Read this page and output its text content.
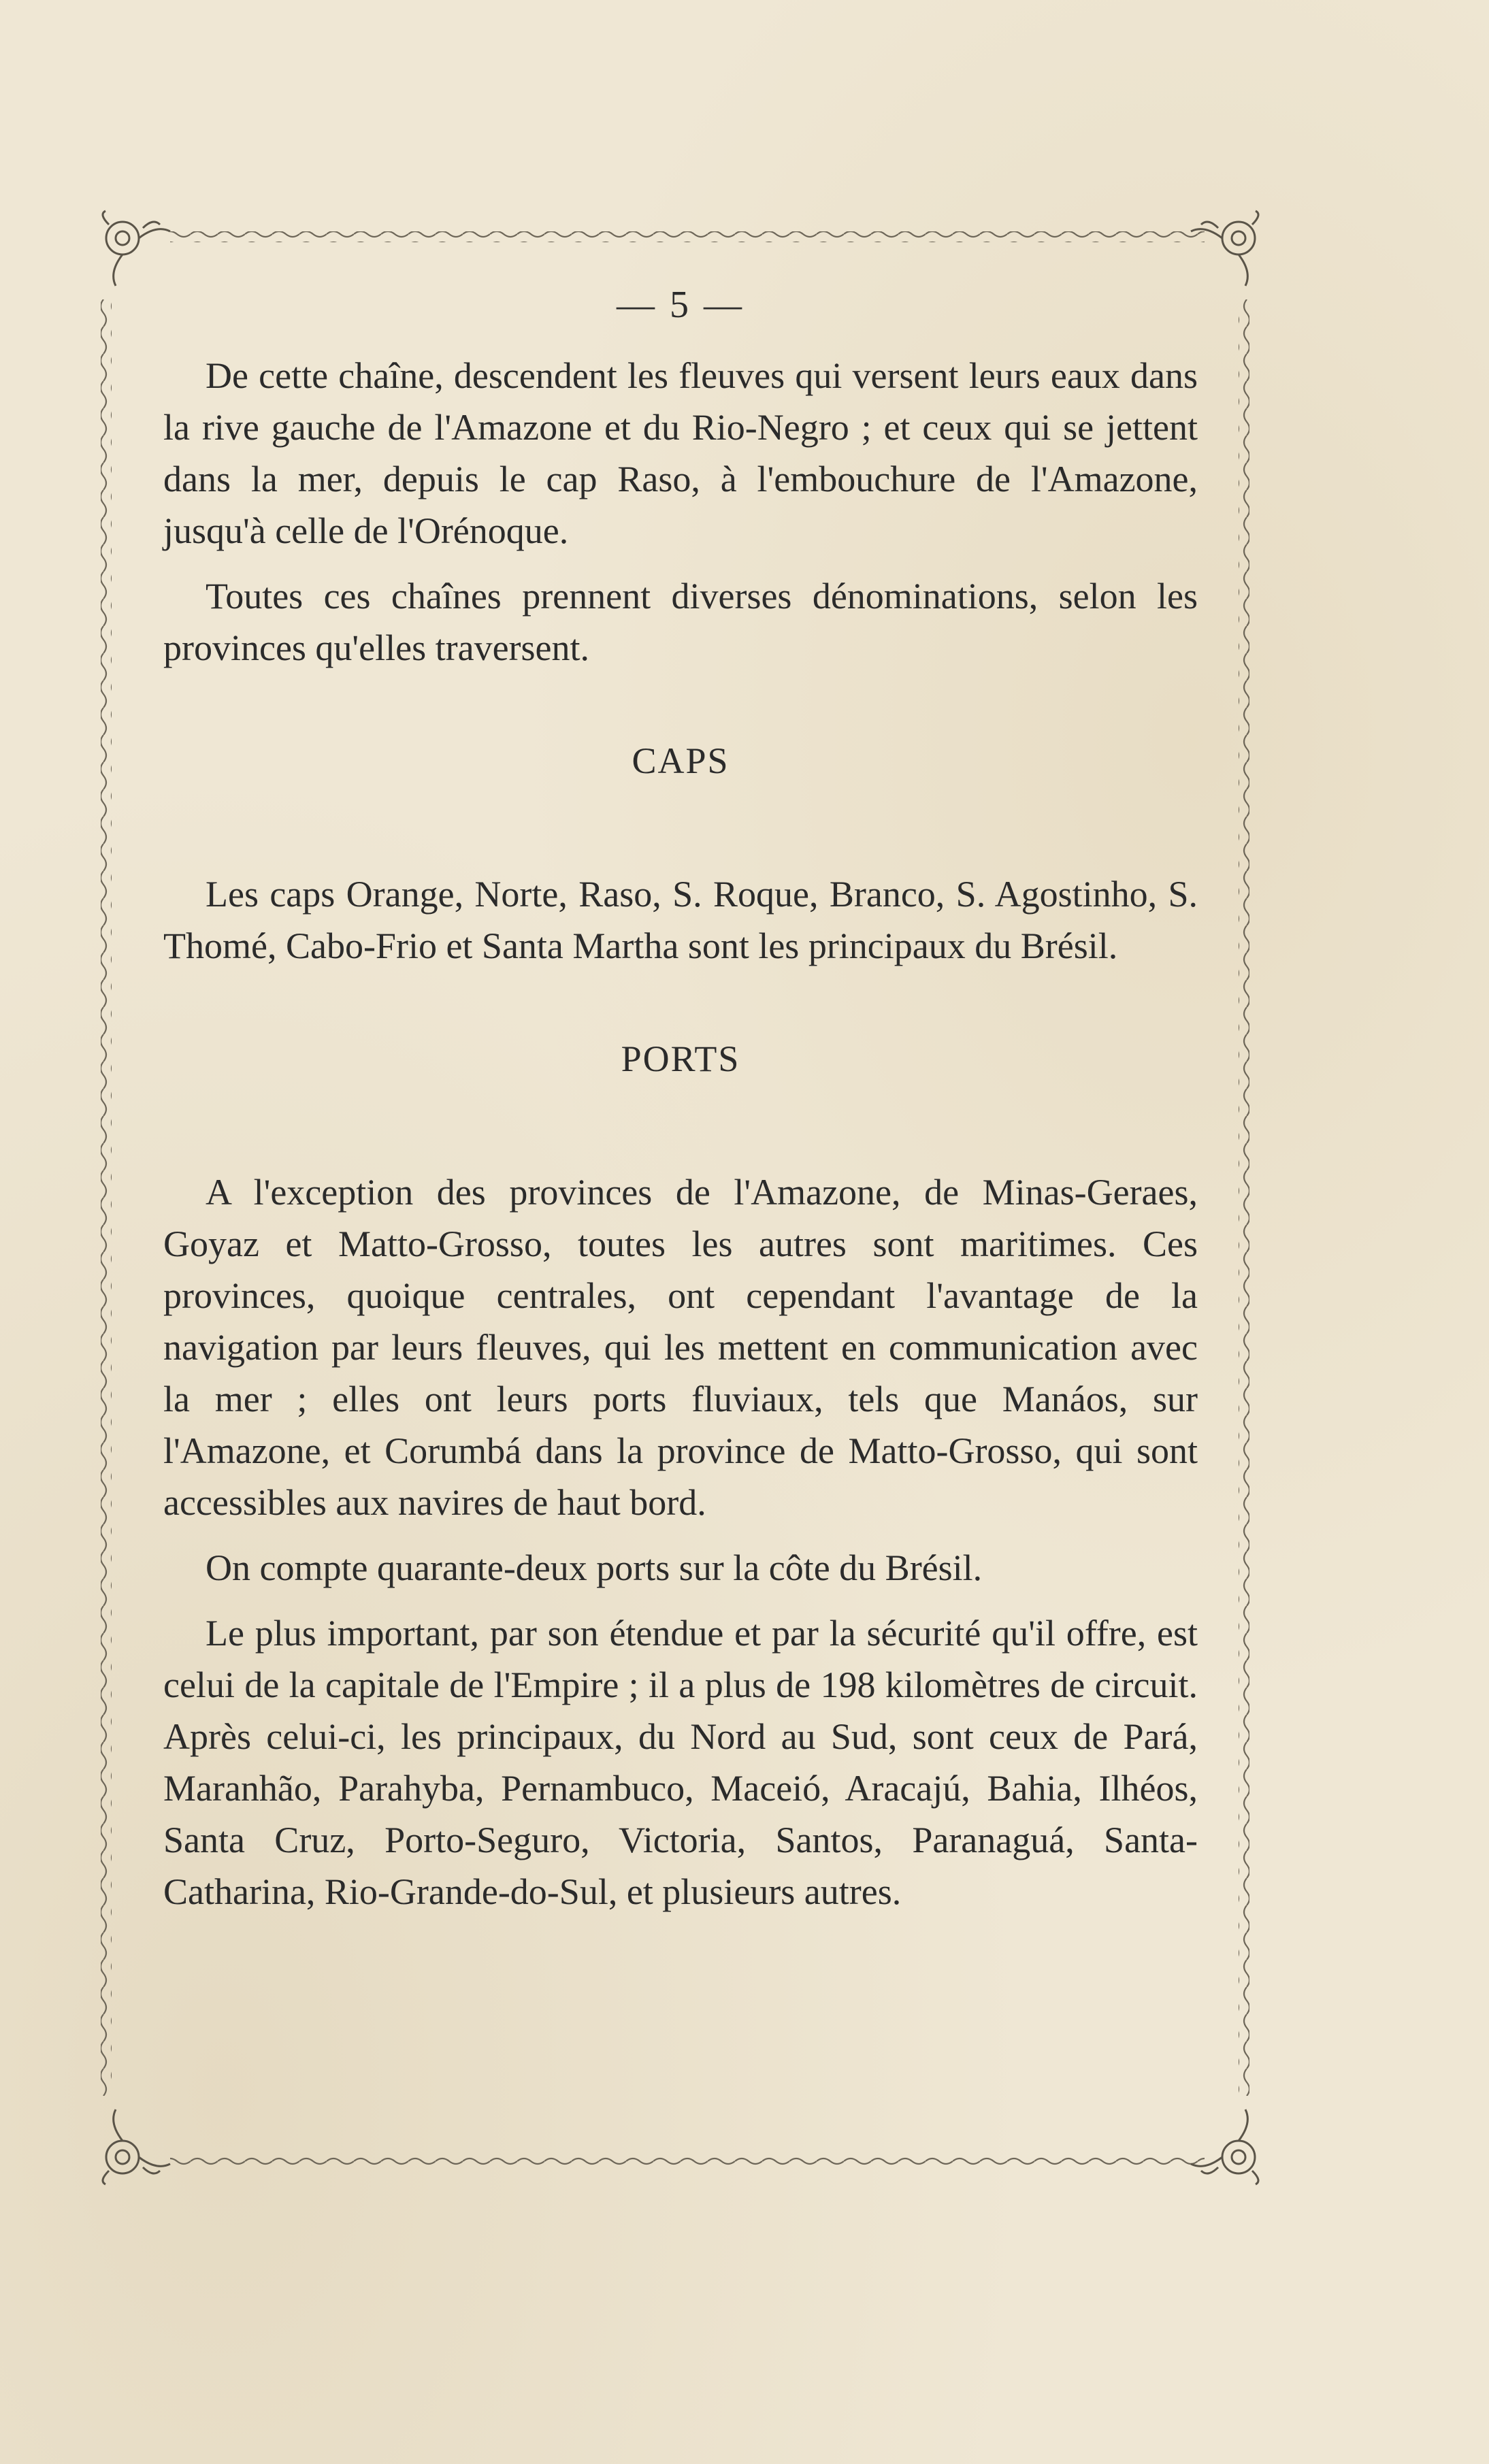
— 5 —

De cette chaîne, descendent les fleuves qui versent leurs eaux dans la rive gauche de l'Amazone et du Rio-Negro ; et ceux qui se jettent dans la mer, depuis le cap Raso, à l'embouchure de l'Amazone, jusqu'à celle de l'Orénoque.

Toutes ces chaînes prennent diverses dénominations, selon les provinces qu'elles traversent.

CAPS

Les caps Orange, Norte, Raso, S. Roque, Branco, S. Agostinho, S. Thomé, Cabo-Frio et Santa Martha sont les principaux du Brésil.

PORTS

A l'exception des provinces de l'Amazone, de Minas-Geraes, Goyaz et Matto-Grosso, toutes les autres sont maritimes. Ces provinces, quoique centrales, ont cependant l'avantage de la navigation par leurs fleuves, qui les mettent en communication avec la mer ; elles ont leurs ports fluviaux, tels que Manáos, sur l'Amazone, et Corumbá dans la province de Matto-Grosso, qui sont accessibles aux navires de haut bord.

On compte quarante-deux ports sur la côte du Brésil.

Le plus important, par son étendue et par la sécurité qu'il offre, est celui de la capitale de l'Empire ; il a plus de 198 kilomètres de circuit. Après celui-ci, les principaux, du Nord au Sud, sont ceux de Pará, Maranhão, Parahyba, Pernambuco, Maceió, Aracajú, Bahia, Ilhéos, Santa Cruz, Porto-Seguro, Victoria, Santos, Paranaguá, Santa-Catharina, Rio-Grande-do-Sul, et plusieurs autres.
